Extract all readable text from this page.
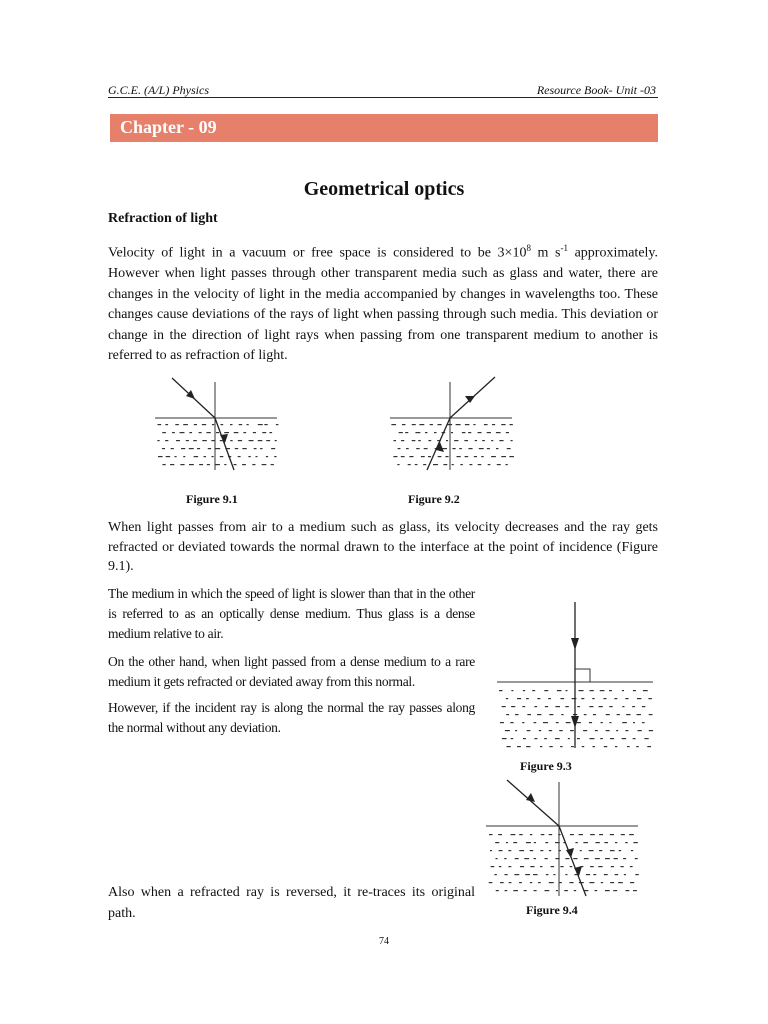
G.C.E. (A/L) Physics	Resource Book- Unit -03
Chapter - 09
Geometrical optics
Refraction of light
Velocity of light in a vacuum or free space is considered to be $3\times 10^8$ m $s^{-1}$ approximately. However when light passes through other transparent media such as glass and water, there are changes in the velocity of light in the media accompanied by changes in wavelengths too. These changes cause deviations of the rays of light when passing through such media. This deviation or change in the direction of light rays when passing from one transparent medium to another is referred to as refraction of light.
Figure 9.1	Figure 9.2
When light passes from air to a medium such as glass, its velocity decreases and the ray gets refracted or deviated towards the normal drawn to the interface at the point of incidence (Figure 9.1).
The medium in which the speed of light is slower than that in the other is referred to as an optically dense medium. Thus glass is a dense medium relative to air.
On the other hand, when light passed from a dense medium to a rare medium it gets refracted or deviated away from this normal.
However, if the incident ray is along the normal the ray passes along the normal without any deviation.
Figure 9.3
Figure 9.4
Also when a refracted ray is reversed, it re-traces its original path.
74
